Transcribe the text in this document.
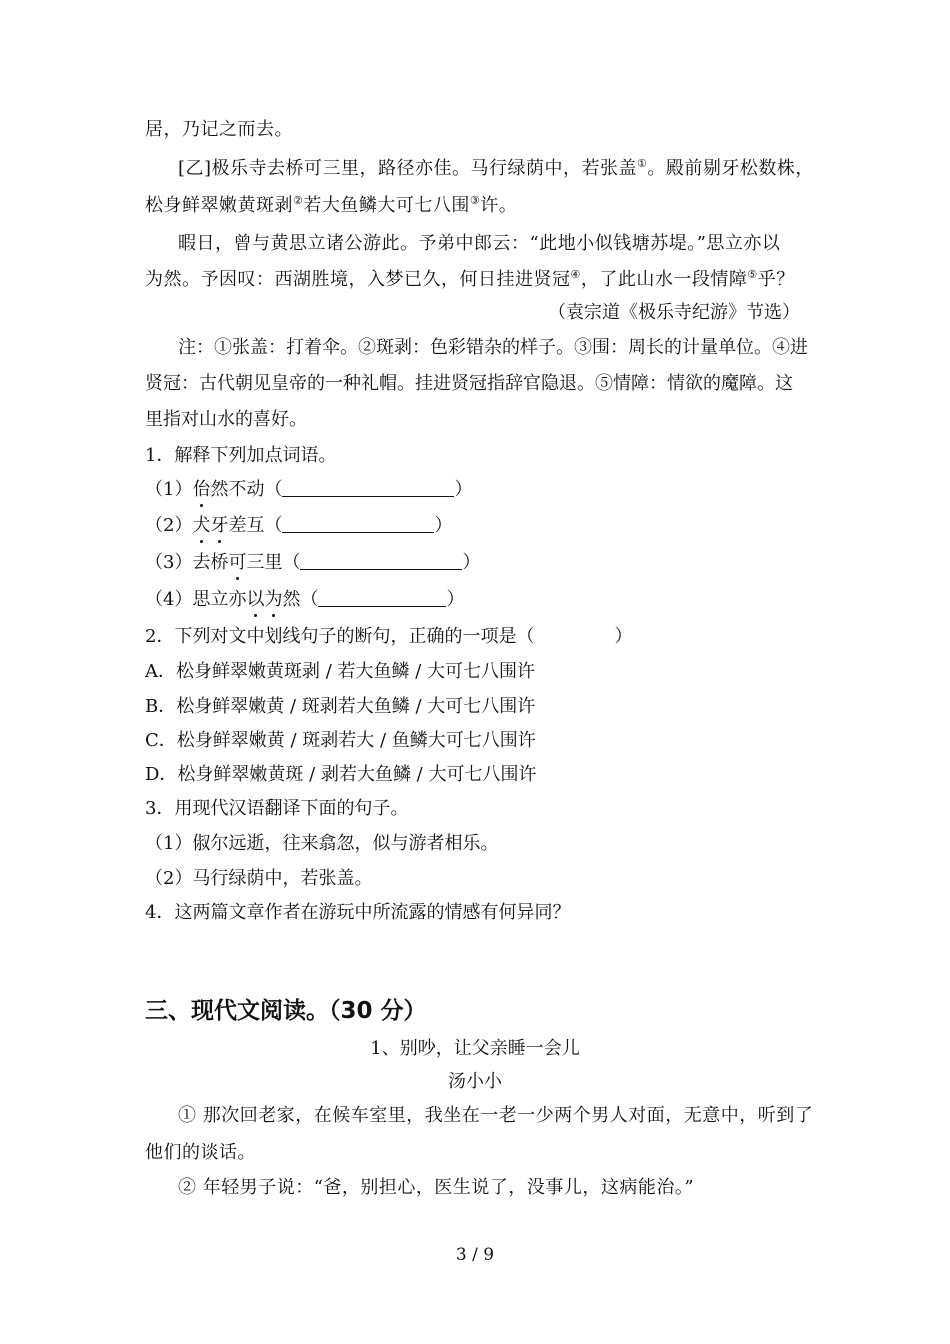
居，乃记之而去。
[乙]极乐寺去桥可三里，路径亦佳。马行绿荫中，若张盖①。殿前剔牙松数株，
松身鲜翠嫩黄斑剥②若大鱼鳞大可七八围③许。
暇日，曾与黄思立诸公游此。予弟中郎云：“此地小似钱塘苏堤。”思立亦以
为然。予因叹：西湖胜境，入梦已久，何日挂进贤冠④，了此山水一段情障⑤乎？
（袁宗道《极乐寺纪游》节选）
注：①张盖：打着伞。②斑剥：色彩错杂的样子。③围：周长的计量单位。④进
贤冠：古代朝见皇帝的一种礼帽。挂进贤冠指辞官隐退。⑤情障：情欲的魔障。这
里指对山水的喜好。
1．解释下列加点词语。
（1）佁然不动（	）
（2）犬牙差互（	）
（3）去桥可三里（	）
（4）思立亦以为然（	）
2．下列对文中划线句子的断句，正确的一项是（	）
A．松身鲜翠嫩黄斑剥 / 若大鱼鳞 / 大可七八围许
B．松身鲜翠嫩黄 / 斑剥若大鱼鳞 / 大可七八围许
C．松身鲜翠嫩黄 / 斑剥若大 / 鱼鳞大可七八围许
D．松身鲜翠嫩黄斑 / 剥若大鱼鳞 / 大可七八围许
3．用现代汉语翻译下面的句子。
（1）俶尔远逝，往来翕忽，似与游者相乐。
（2）马行绿荫中，若张盖。
4．这两篇文章作者在游玩中所流露的情感有何异同？
三、现代文阅读。（30 分）
1、别吵，让父亲睡一会儿
汤小小
① 那次回老家，在候车室里，我坐在一老一少两个男人对面，无意中，听到了
他们的谈话。
② 年轻男子说：“爸，别担心，医生说了，没事儿，这病能治。”
3 / 9
